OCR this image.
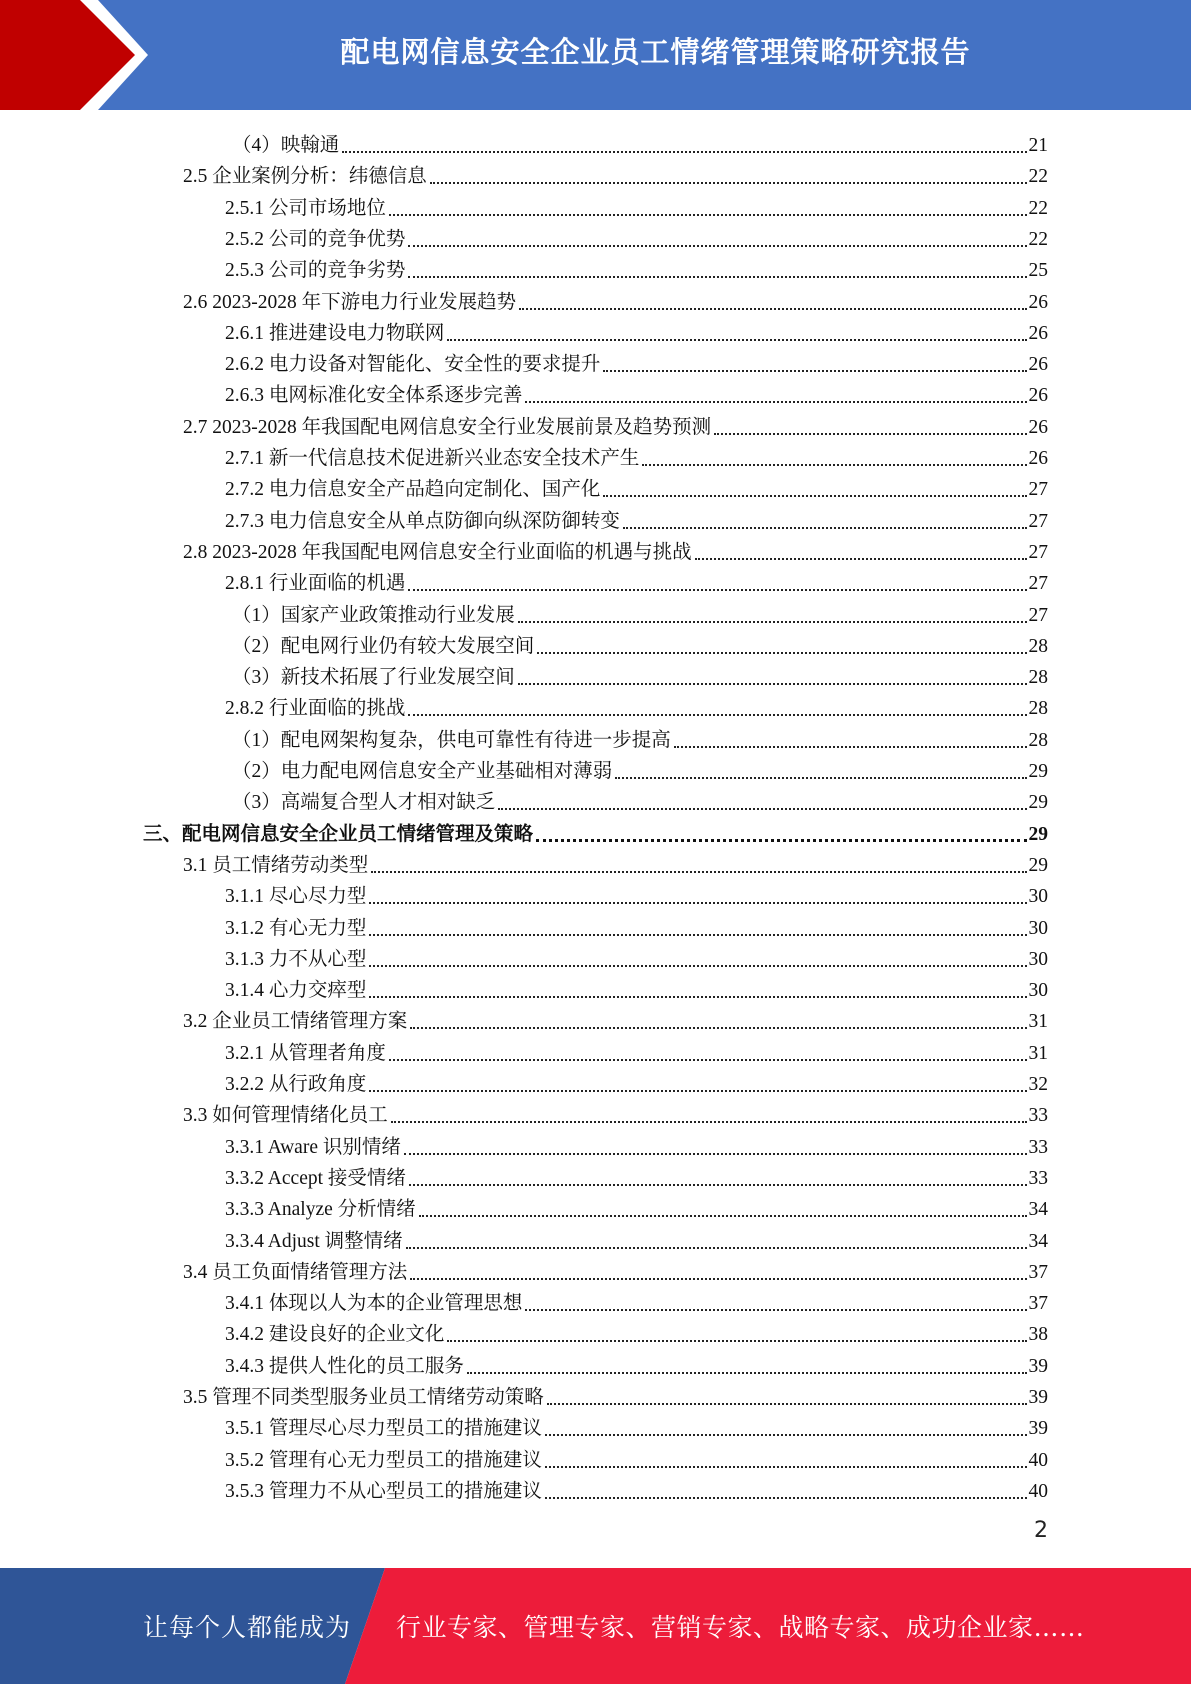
配电网信息安全企业员工情绪管理策略研究报告
（4）映翰通	21
2.5 企业案例分析：纬德信息	22
2.5.1 公司市场地位	22
2.5.2 公司的竞争优势	22
2.5.3 公司的竞争劣势	25
2.6 2023-2028 年下游电力行业发展趋势	26
2.6.1 推进建设电力物联网	26
2.6.2 电力设备对智能化、安全性的要求提升	26
2.6.3 电网标准化安全体系逐步完善	26
2.7 2023-2028 年我国配电网信息安全行业发展前景及趋势预测	26
2.7.1 新一代信息技术促进新兴业态安全技术产生	26
2.7.2 电力信息安全产品趋向定制化、国产化	27
2.7.3 电力信息安全从单点防御向纵深防御转变	27
2.8 2023-2028 年我国配电网信息安全行业面临的机遇与挑战	27
2.8.1 行业面临的机遇	27
（1）国家产业政策推动行业发展	27
（2）配电网行业仍有较大发展空间	28
（3）新技术拓展了行业发展空间	28
2.8.2 行业面临的挑战	28
（1）配电网架构复杂，供电可靠性有待进一步提高	28
（2）电力配电网信息安全产业基础相对薄弱	29
（3）高端复合型人才相对缺乏	29
三、配电网信息安全企业员工情绪管理及策略	29
3.1 员工情绪劳动类型	29
3.1.1 尽心尽力型	30
3.1.2 有心无力型	30
3.1.3 力不从心型	30
3.1.4 心力交瘁型	30
3.2 企业员工情绪管理方案	31
3.2.1 从管理者角度	31
3.2.2 从行政角度	32
3.3 如何管理情绪化员工	33
3.3.1 Aware 识别情绪	33
3.3.2 Accept 接受情绪	33
3.3.3 Analyze 分析情绪	34
3.3.4 Adjust 调整情绪	34
3.4 员工负面情绪管理方法	37
3.4.1 体现以人为本的企业管理思想	37
3.4.2 建设良好的企业文化	38
3.4.3 提供人性化的员工服务	39
3.5 管理不同类型服务业员工情绪劳动策略	39
3.5.1 管理尽心尽力型员工的措施建议	39
3.5.2 管理有心无力型员工的措施建议	40
3.5.3 管理力不从心型员工的措施建议	40
2
让每个人都能成为 行业专家、管理专家、营销专家、战略专家、成功企业家……
